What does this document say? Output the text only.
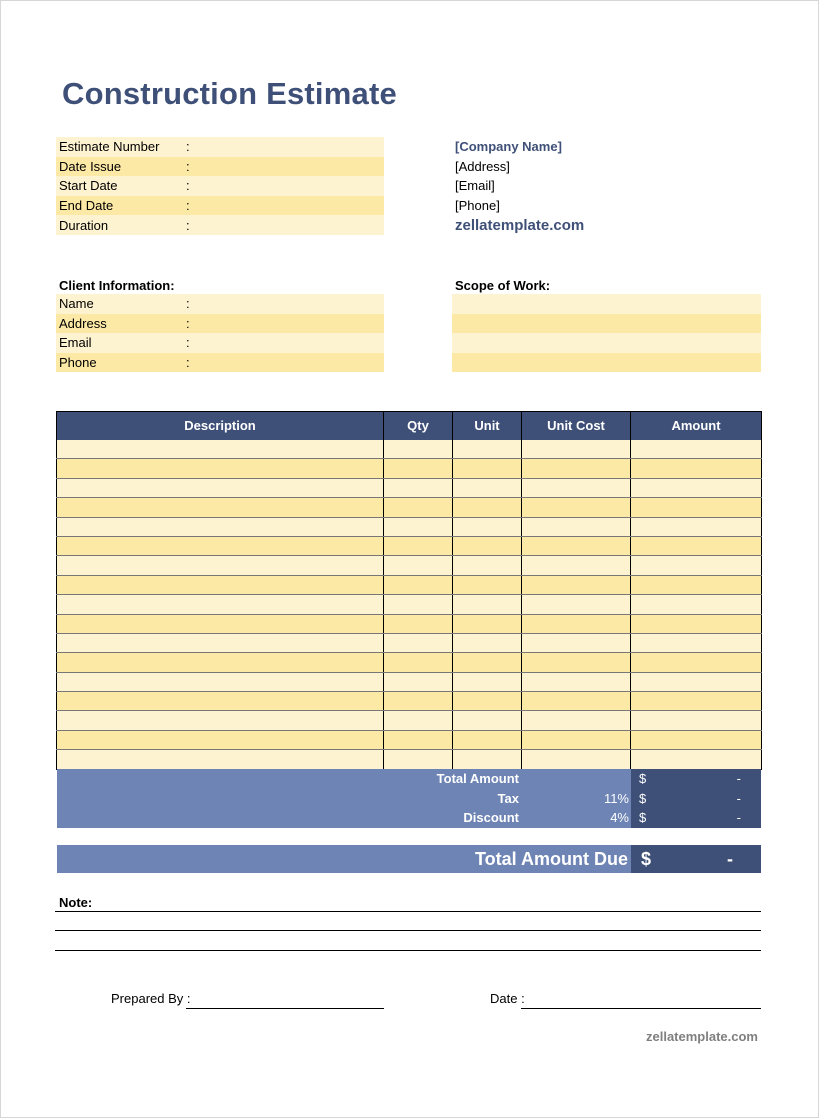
Construction Estimate
Estimate Number	:
Date Issue	:
Start Date	:
End Date	:
Duration	:
[Company Name]
[Address]
[Email]
[Phone]
zellatemplate.com
Client Information:
Name	:
Address	:
Email	:
Phone	:
Scope of Work:
Description	Qty	Unit	Unit Cost	Amount

Total Amount	$	-
Tax	11% $	-
Discount	4% $	-
Total Amount Due $	-
Note:
Prepared By :	Date :
zellatemplate.com
